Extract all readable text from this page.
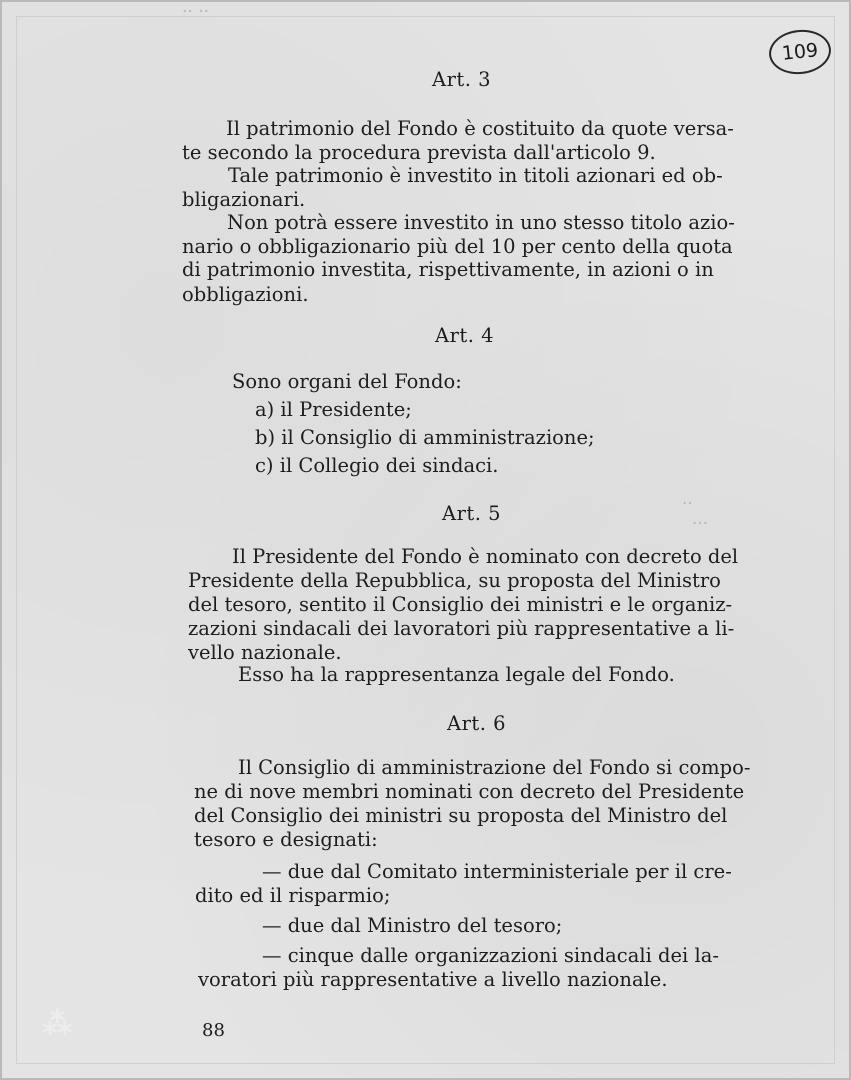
·· ··
··
···
109
Art. 3
Il patrimonio del Fondo è costituito da quote versa-
te secondo la procedura prevista dall'articolo 9.
Tale patrimonio è investito in titoli azionari ed ob-
bligazionari.
Non potrà essere investito in uno stesso titolo azio-
nario o obbligazionario più del 10 per cento della quota
di patrimonio investita, rispettivamente, in azioni o in
obbligazioni.
Art. 4
Sono organi del Fondo:
a) il Presidente;
b) il Consiglio di amministrazione;
c) il Collegio dei sindaci.
Art. 5
Il Presidente del Fondo è nominato con decreto del
Presidente della Repubblica, su proposta del Ministro
del tesoro, sentito il Consiglio dei ministri e le organiz-
zazioni sindacali dei lavoratori più rappresentative a li-
vello nazionale.
Esso ha la rappresentanza legale del Fondo.
Art. 6
Il Consiglio di amministrazione del Fondo si compo-
ne di nove membri nominati con decreto del Presidente
del Consiglio dei ministri su proposta del Ministro del
tesoro e designati:
— due dal Comitato interministeriale per il cre-
dito ed il risparmio;
— due dal Ministro del tesoro;
— cinque dalle organizzazioni sindacali dei la-
voratori più rappresentative a livello nazionale.
⁂	88
